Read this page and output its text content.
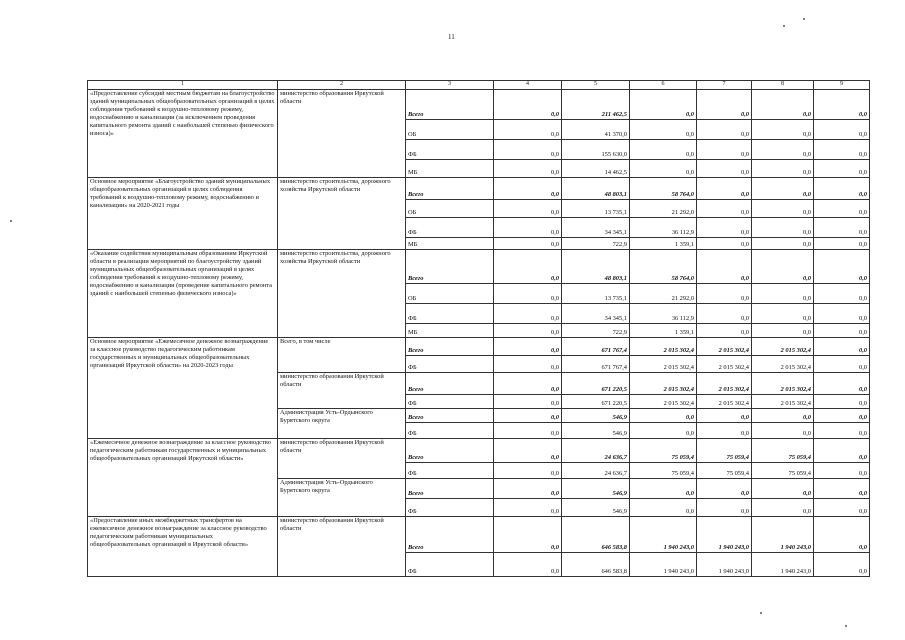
11
1	2	3	4	5	6	7	8	9
«Предоставление субсидий местным бюджетам на благоустройство зданий муниципальных общеобразовательных организаций в целях соблюдения требований к воздушно-тепловому режиму, водоснабжению и канализации (за исключением проведения капитального ремонта зданий с наибольшей степенью физического износа)»	министерство образования Иркутской области	Всего	0,0	211 462,5	0,0	0,0	0,0	0,0
		ОБ	0,0	41 370,0	0,0	0,0	0,0	0,0
		ФБ	0,0	155 630,0	0,0	0,0	0,0	0,0
		МБ	0,0	14 462,5	0,0	0,0	0,0	0,0
Основное мероприятие «Благоустройство зданий муниципальных общеобразовательных организаций в целях соблюдения требований к воздушно-тепловому режиму, водоснабжению и канализации» на 2020-2021 годы	министерство строительства, дорожного хозяйства Иркутской области	Всего	0,0	48 803,1	58 764,0	0,0	0,0	0,0
		ОБ	0,0	13 735,1	21 292,0	0,0	0,0	0,0
		ФБ	0,0	34 345,1	36 112,9	0,0	0,0	0,0
		МБ	0,0	722,9	1 359,1	0,0	0,0	0,0
«Оказание содействия муниципальным образованиям Иркутской области в реализации мероприятий по благоустройству зданий муниципальных общеобразовательных организаций в целях соблюдения требований к воздушно-тепловому режиму, водоснабжению и канализации (проведение капитального ремонта зданий с наибольшей степенью физического износа)»	министерство строительства, дорожного хозяйства Иркутской области	Всего	0,0	48 803,1	58 764,0	0,0	0,0	0,0
		ОБ	0,0	13 735,1	21 292,0	0,0	0,0	0,0
		ФБ	0,0	34 345,1	36 112,9	0,0	0,0	0,0
		МБ	0,0	722,9	1 359,1	0,0	0,0	0,0
Основное мероприятие «Ежемесячное денежное вознаграждение за классное руководство педагогическим работникам государственных и муниципальных общеобразовательных организаций Иркутской области» на 2020-2023 годы	Всего, в том числе	Всего	0,0	671 767,4	2 015 302,4	2 015 302,4	2 015 302,4	0,0
		ФБ	0,0	671 767,4	2 015 302,4	2 015 302,4	2 015 302,4	0,0
	министерство образования Иркутской области	Всего	0,0	671 220,5	2 015 302,4	2 015 302,4	2 015 302,4	0,0
		ФБ	0,0	671 220,5	2 015 302,4	2 015 302,4	2 015 302,4	0,0
	Администрация Усть-Ордынского Бурятского округа	Всего	0,0	546,9	0,0	0,0	0,0	0,0
		ФБ	0,0	546,9	0,0	0,0	0,0	0,0
«Ежемесячное денежное вознаграждение за классное руководство педагогическим работникам государственных и муниципальных общеобразовательных организаций Иркутской области»	министерство образования Иркутской области	Всего	0,0	24 636,7	75 059,4	75 059,4	75 059,4	0,0
		ФБ	0,0	24 636,7	75 059,4	75 059,4	75 059,4	0,0
	Администрация Усть-Ордынского Бурятского округа	Всего	0,0	546,9	0,0	0,0	0,0	0,0
		ФБ	0,0	546,9	0,0	0,0	0,0	0,0
«Предоставление иных межбюджетных трансфертов на ежемесячное денежное вознаграждение за классное руководство педагогическим работникам муниципальных общеобразовательных организаций в Иркутской области»	министерство образования Иркутской области	Всего	0,0	646 583,8	1 940 243,0	1 940 243,0	1 940 243,0	0,0
		ФБ	0,0	646 583,8	1 940 243,0	1 940 243,0	1 940 243,0	0,0
